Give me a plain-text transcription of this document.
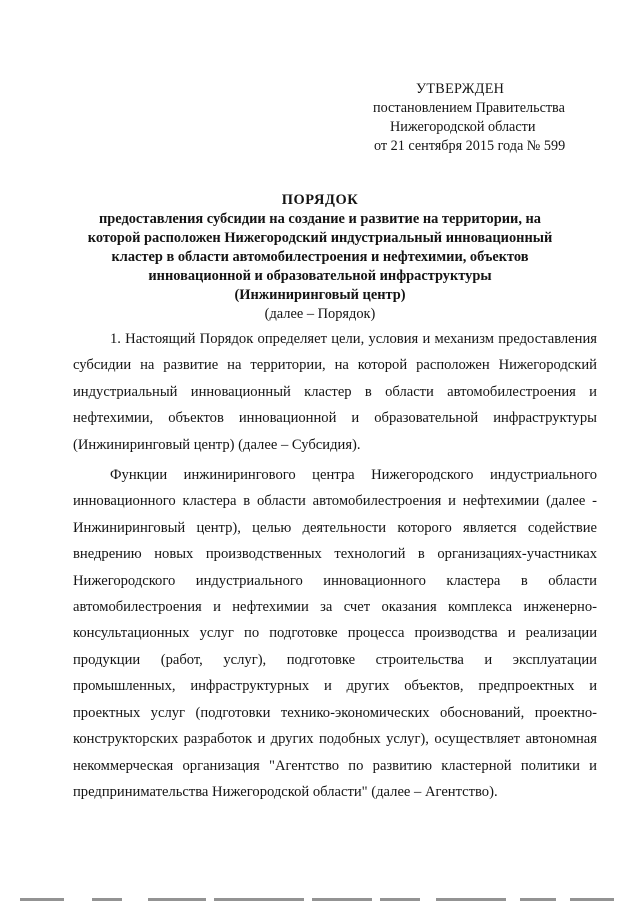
УТВЕРЖДЕН
постановлением Правительства
Нижегородской области
от 21 сентября 2015 года № 599
ПОРЯДОК
предоставления субсидии на создание и развитие на территории, на
которой расположен Нижегородский индустриальный инновационный
кластер в области автомобилестроения и нефтехимии, объектов
инновационной и образовательной инфраструктуры
(Инжиниринговый центр)
(далее – Порядок)

1. Настоящий Порядок определяет цели, условия и механизм предоставления субсидии на развитие на территории, на которой расположен Нижегородский индустриальный инновационный кластер в области автомобилестроения и нефтехимии, объектов инновационной и образовательной инфраструктуры (Инжиниринговый центр) (далее – Субсидия).

Функции инжинирингового центра Нижегородского индустриального инновационного кластера в области автомобилестроения и нефтехимии (далее - Инжиниринговый центр), целью деятельности которого является содействие внедрению новых производственных технологий в организациях-участниках Нижегородского индустриального инновационного кластера в области автомобилестроения и нефтехимии за счет оказания комплекса инженерно-консультационных услуг по подготовке процесса производства и реализации продукции (работ, услуг), подготовке строительства и эксплуатации промышленных, инфраструктурных и других объектов, предпроектных и проектных услуг (подготовки технико-экономических обоснований, проектно-конструкторских разработок и других подобных услуг), осуществляет автономная некоммерческая организация "Агентство по развитию кластерной политики и предпринимательства Нижегородской области" (далее – Агентство).
